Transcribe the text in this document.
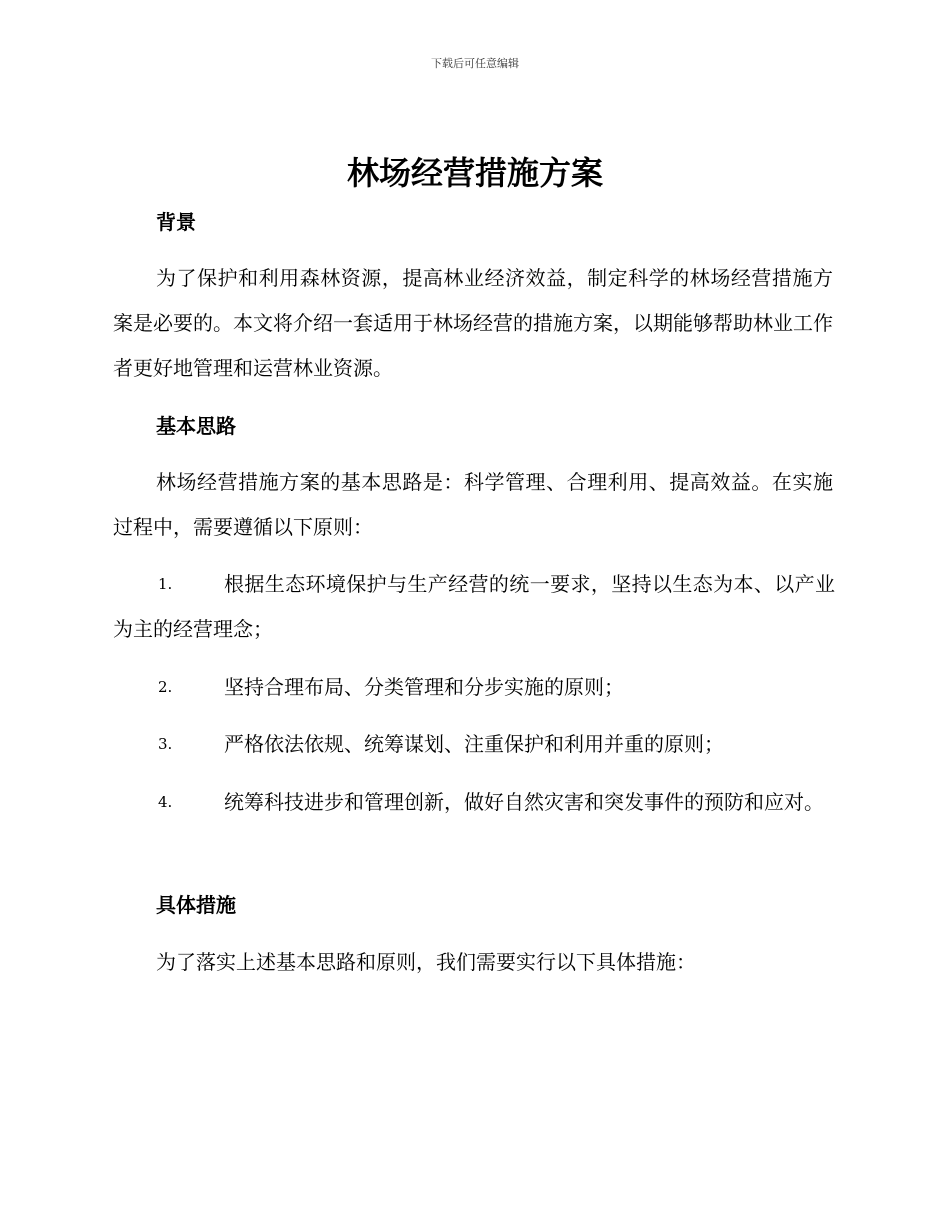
下载后可任意编辑
林场经营措施方案
背景

为了保护和利用森林资源，提高林业经济效益，制定科学的林场经营措施方案是必要的。本文将介绍一套适用于林场经营的措施方案，以期能够帮助林业工作者更好地管理和运营林业资源。

基本思路

林场经营措施方案的基本思路是：科学管理、合理利用、提高效益。在实施过程中，需要遵循以下原则：

1.	根据生态环境保护与生产经营的统一要求，坚持以生态为本、以产业为主的经营理念；

2.	坚持合理布局、分类管理和分步实施的原则；

3.	严格依法依规、统筹谋划、注重保护和利用并重的原则；

4.	统筹科技进步和管理创新，做好自然灾害和突发事件的预防和应对。

具体措施

为了落实上述基本思路和原则，我们需要实行以下具体措施：
